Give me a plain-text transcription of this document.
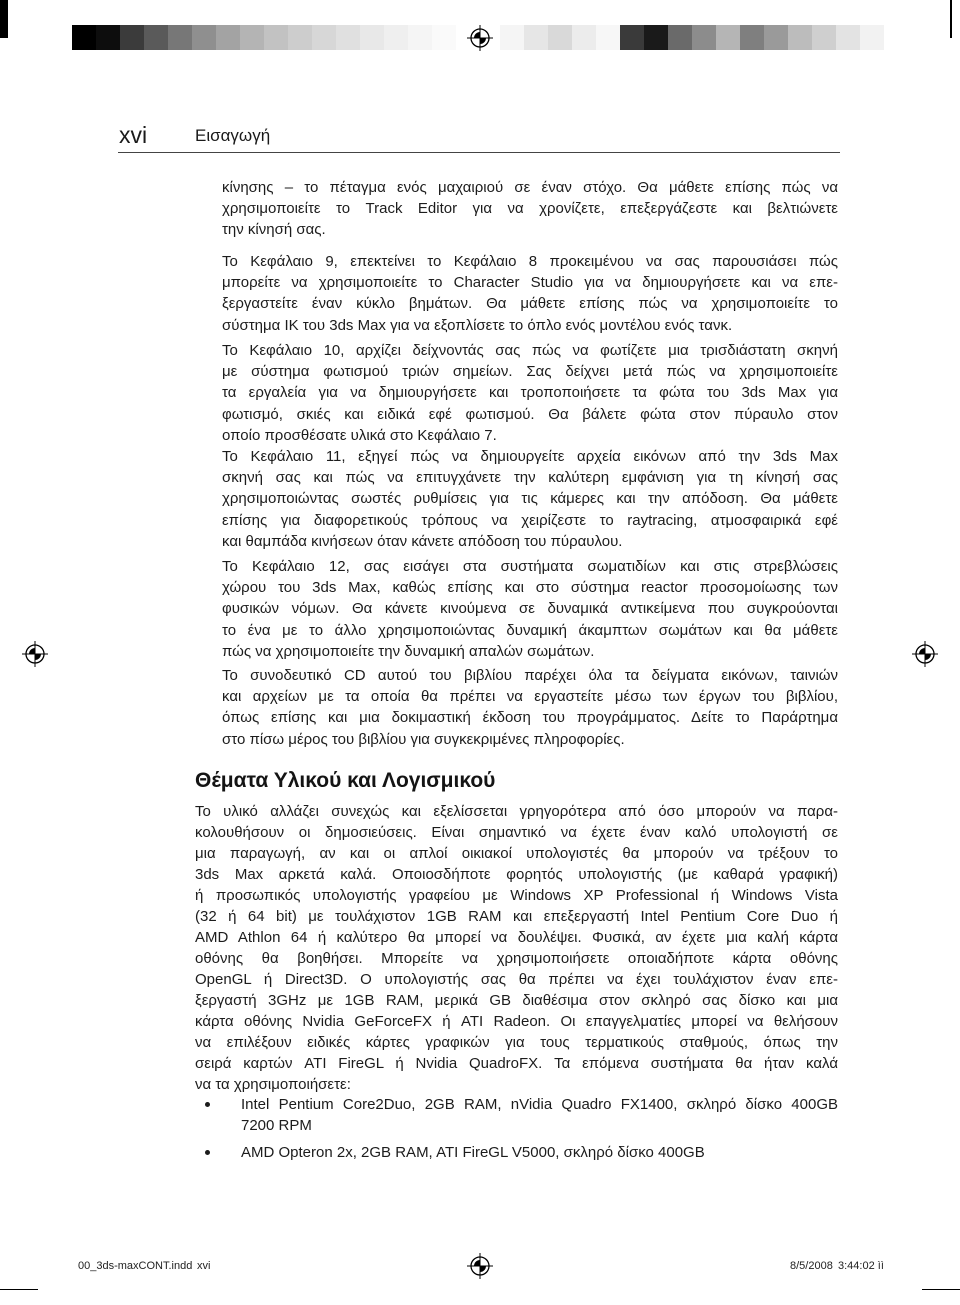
xvi	Εισαγωγή
κίνησης – το πέταγμα ενός μαχαιριού σε έναν στόχο. Θα μάθετε επίσης πώς να
χρησιμοποιείτε το Track Editor για να χρονίζετε, επεξεργάζεστε και βελτιώνετε
την κίνησή σας.
Το Κεφάλαιο 9, επεκτείνει το Κεφάλαιο 8 προκειμένου να σας παρουσιάσει πώς
μπορείτε να χρησιμοποιείτε το Character Studio για να δημιουργήσετε και να επε-
ξεργαστείτε έναν κύκλο βημάτων. Θα μάθετε επίσης πώς να χρησιμοποιείτε το
σύστημα IK του 3ds Max για να εξοπλίσετε το όπλο ενός μοντέλου ενός τανκ.
Το Κεφάλαιο 10, αρχίζει δείχνοντάς σας πώς να φωτίζετε μια τρισδιάστατη σκηνή
με σύστημα φωτισμού τριών σημείων. Σας δείχνει μετά πώς να χρησιμοποιείτε
τα εργαλεία για να δημιουργήσετε και τροποποιήσετε τα φώτα του 3ds Max για
φωτισμό, σκιές και ειδικά εφέ φωτισμού. Θα βάλετε φώτα στον πύραυλο στον
οποίο προσθέσατε υλικά στο Κεφάλαιο 7.
Το Κεφάλαιο 11, εξηγεί πώς να δημιουργείτε αρχεία εικόνων από την 3ds Max
σκηνή σας και πώς να επιτυγχάνετε την καλύτερη εμφάνιση για τη κίνησή σας
χρησιμοποιώντας σωστές ρυθμίσεις για τις κάμερες και την απόδοση. Θα μάθετε
επίσης για διαφορετικούς τρόπους να χειρίζεστε το raytracing, ατμοσφαιρικά εφέ
και θαμπάδα κινήσεων όταν κάνετε απόδοση του πύραυλου.
Το Κεφάλαιο 12, σας εισάγει στα συστήματα σωματιδίων και στις στρεβλώσεις
χώρου του 3ds Max, καθώς επίσης και στο σύστημα reactor προσομοίωσης των
φυσικών νόμων. Θα κάνετε κινούμενα σε δυναμικά αντικείμενα που συγκρούονται
το ένα με το άλλο χρησιμοποιώντας δυναμική άκαμπτων σωμάτων και θα μάθετε
πώς να χρησιμοποιείτε την δυναμική απαλών σωμάτων.
Το συνοδευτικό CD αυτού του βιβλίου παρέχει όλα τα δείγματα εικόνων, ταινιών
και αρχείων με τα οποία θα πρέπει να εργαστείτε μέσω των έργων του βιβλίου,
όπως επίσης και μια δοκιμαστική έκδοση του προγράμματος. Δείτε το Παράρτημα
στο πίσω μέρος του βιβλίου για συγκεκριμένες πληροφορίες.
Θέματα Υλικού και Λογισμικού
Το υλικό αλλάζει συνεχώς και εξελίσσεται γρηγορότερα από όσο μπορούν να παρα-
κολουθήσουν οι δημοσιεύσεις. Είναι σημαντικό να έχετε έναν καλό υπολογιστή σε
μια παραγωγή, αν και οι απλοί οικιακοί υπολογιστές θα μπορούν να τρέξουν το
3ds Max αρκετά καλά. Οποιοσδήποτε φορητός υπολογιστής (με καθαρά γραφική)
ή προσωπικός υπολογιστής γραφείου με Windows XP Professional ή Windows Vista
(32 ή 64 bit) με τουλάχιστον 1GB RAM και επεξεργαστή Intel Pentium Core Duo ή
AMD Athlon 64 ή καλύτερο θα μπορεί να δουλέψει. Φυσικά, αν έχετε μια καλή κάρτα
οθόνης θα βοηθήσει. Μπορείτε να χρησιμοποιήσετε οποιαδήποτε κάρτα οθόνης
OpenGL ή Direct3D. Ο υπολογιστής σας θα πρέπει να έχει τουλάχιστον έναν επε-
ξεργαστή 3GHz με 1GB RAM, μερικά GB διαθέσιμα στον σκληρό σας δίσκο και μια
κάρτα οθόνης Nvidia GeForceFX ή ATI Radeon. Οι επαγγελματίες μπορεί να θελήσουν
να επιλέξουν ειδικές κάρτες γραφικών για τους τερματικούς σταθμούς, όπως την
σειρά καρτών ATI FireGL ή Nvidia QuadroFX. Τα επόμενα συστήματα θα ήταν καλά
να τα χρησιμοποιήσετε:
Intel Pentium Core2Duo, 2GB RAM, nVidia Quadro FX1400, σκληρό δίσκο 400GB
7200 RPM
AMD Opteron 2x, 2GB RAM, ATI FireGL V5000, σκληρό δίσκο 400GB
00_3ds-maxCONT.indd xvi	8/5/2008 3:44:02 ìì
